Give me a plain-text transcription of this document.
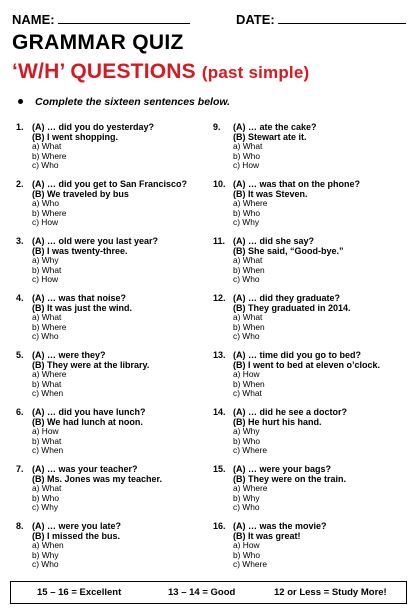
NAME:	DATE:
GRAMMAR QUIZ
‘W/H’ QUESTIONS (past simple)
Complete the sixteen sentences below.
1. (A) … did you do yesterday?
(B) I went shopping.
a) What
b) Where
c) Who
2. (A) … did you get to San Francisco?
(B) We traveled by bus
a) Who
b) Where
c) How
3. (A) … old were you last year?
(B) I was twenty-three.
a) Why
b) What
c) How
4. (A) … was that noise?
(B) It was just the wind.
a) What
b) Where
c) Who
5. (A) … were they?
(B) They were at the library.
a) Where
b) What
c) When
6. (A) … did you have lunch?
(B) We had lunch at noon.
a) How
b) What
c) When
7. (A) … was your teacher?
(B) Ms. Jones was my teacher.
a) What
b) Who
c) Why
8. (A) … were you late?
(B) I missed the bus.
a) When
b) Why
c) Who
9. (A) … ate the cake?
(B) Stewart ate it.
a) What
b) Who
c) How
10. (A) … was that on the phone?
(B) It was Steven.
a) Where
b) Who
c) Why
11. (A) … did she say?
(B) She said, “Good-bye.”
a) What
b) When
c) Who
12. (A) … did they graduate?
(B) They graduated in 2014.
a) What
b) When
c) Who
13. (A) … time did you go to bed?
(B) I went to bed at eleven o’clock.
a) How
b) When
c) What
14. (A) … did he see a doctor?
(B) He hurt his hand.
a) Why
b) Who
c) Where
15. (A) … were your bags?
(B) They were on the train.
a) Where
b) Why
c) Who
16. (A) … was the movie?
(B) It was great!
a) How
b) Who
c) Where
15 – 16 = Excellent	13 – 14 = Good	12 or Less = Study More!
